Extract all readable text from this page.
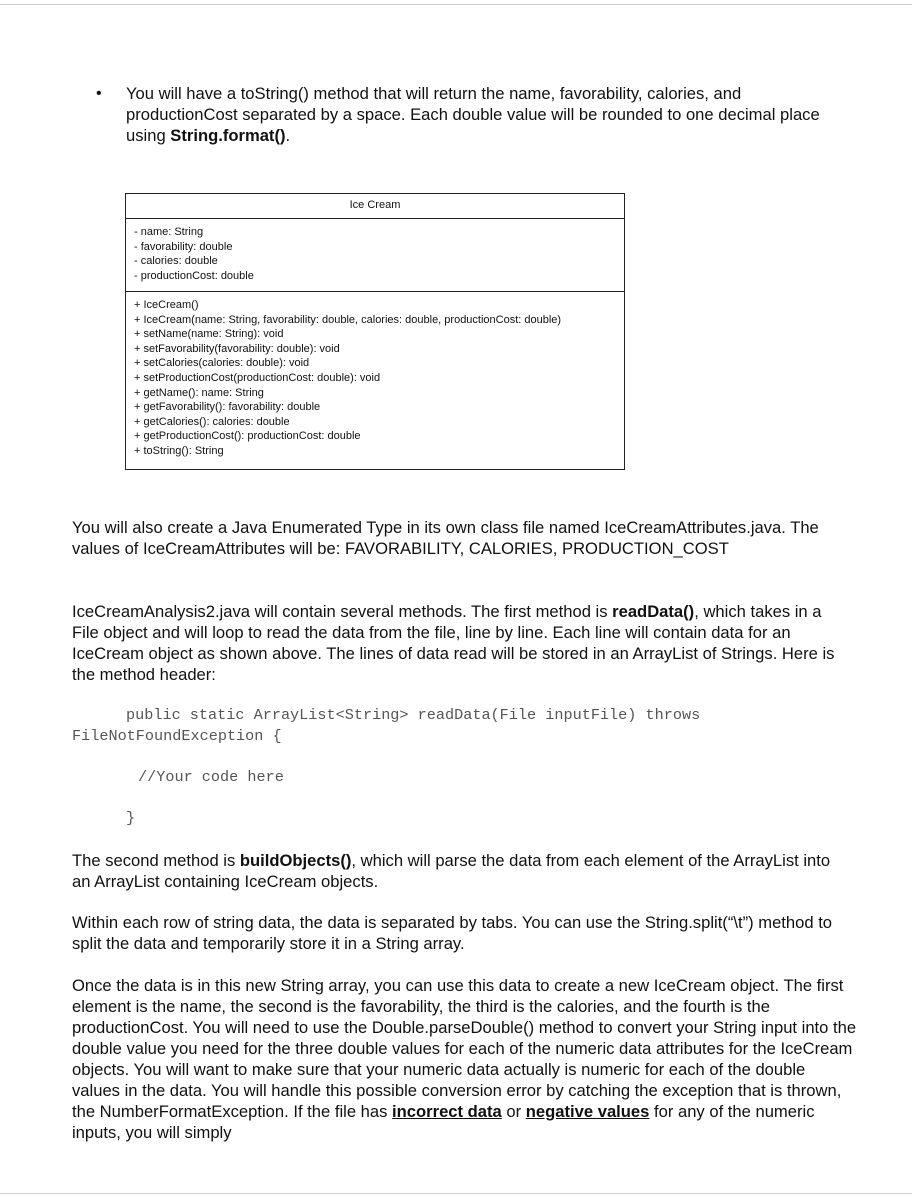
• You will have a toString() method that will return the name, favorability, calories, and productionCost separated by a space. Each double value will be rounded to one decimal place using String.format().
Ice Cream
- name: String
- favorability: double
- calories: double
- productionCost: double
+ IceCream()
+ IceCream(name: String, favorability: double, calories: double, productionCost: double)
+ setName(name: String): void
+ setFavorability(favorability: double): void
+ setCalories(calories: double): void
+ setProductionCost(productionCost: double): void
+ getName(): name: String
+ getFavorability(): favorability: double
+ getCalories(): calories: double
+ getProductionCost(): productionCost: double
+ toString(): String
You will also create a Java Enumerated Type in its own class file named IceCreamAttributes.java. The values of IceCreamAttributes will be: FAVORABILITY, CALORIES, PRODUCTION_COST
IceCreamAnalysis2.java will contain several methods. The first method is readData(), which takes in a File object and will loop to read the data from the file, line by line. Each line will contain data for an IceCream object as shown above. The lines of data read will be stored in an ArrayList of Strings. Here is the method header:
public static ArrayList<String> readData(File inputFile) throws
FileNotFoundException {
//Your code here
}
The second method is buildObjects(), which will parse the data from each element of the ArrayList into an ArrayList containing IceCream objects.
Within each row of string data, the data is separated by tabs. You can use the String.split(“\t”) method to split the data and temporarily store it in a String array.
Once the data is in this new String array, you can use this data to create a new IceCream object. The first element is the name, the second is the favorability, the third is the calories, and the fourth is the productionCost. You will need to use the Double.parseDouble() method to convert your String input into the double value you need for the three double values for each of the numeric data attributes for the IceCream objects. You will want to make sure that your numeric data actually is numeric for each of the double values in the data. You will handle this possible conversion error by catching the exception that is thrown, the NumberFormatException. If the file has incorrect data or negative values for any of the numeric inputs, you will simply
